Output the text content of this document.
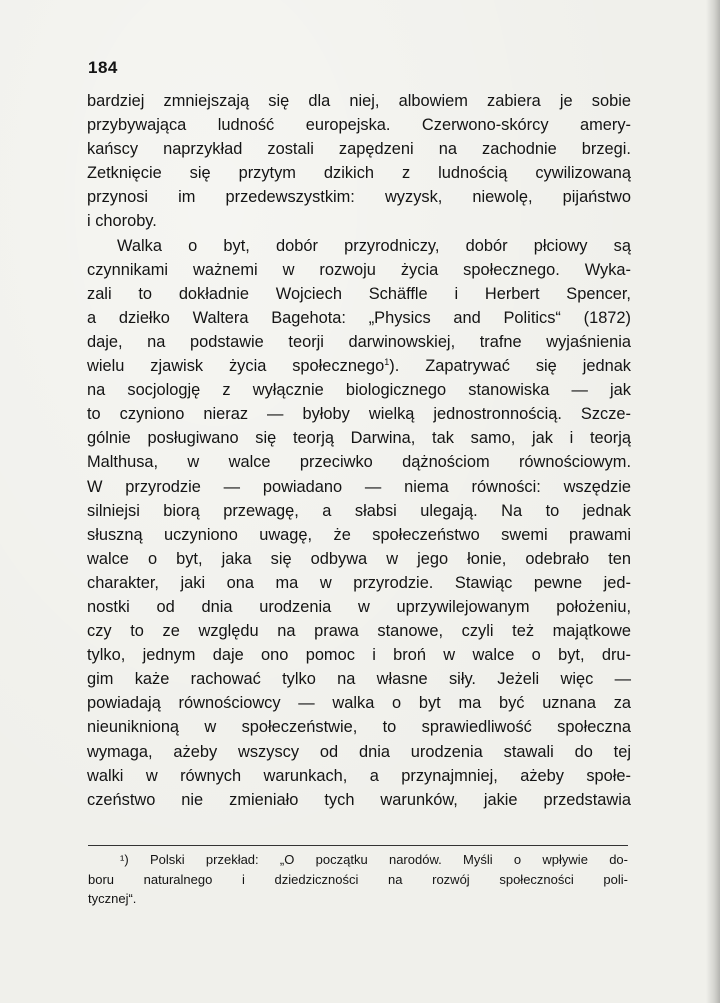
184
bardziej zmniejszają się dla niej, albowiem zabiera je sobie
przybywająca ludność europejska. Czerwono-skórcy amery-
kańscy naprzykład zostali zapędzeni na zachodnie brzegi.
Zetknięcie się przytym dzikich z ludnością cywilizowaną
przynosi im przedewszystkim: wyzysk, niewolę, pijaństwo
i choroby.
Walka o byt, dobór przyrodniczy, dobór płciowy są
czynnikami ważnemi w rozwoju życia społecznego. Wyka-
zali to dokładnie Wojciech Schäffle i Herbert Spencer,
a dziełko Waltera Bagehota: „Physics and Politics“ (1872)
daje, na podstawie teorji darwinowskiej, trafne wyjaśnienia
wielu zjawisk życia społecznego$^1$). Zapatrywać się jednak
na socjologję z wyłącznie biologicznego stanowiska — jak
to czyniono nieraz — byłoby wielką jednostronnością. Szcze-
gólnie posługiwano się teorją Darwina, tak samo, jak i teorją
Malthusa, w walce przeciwko dążnościom równościowym.
W przyrodzie — powiadano — niema równości: wszędzie
silniejsi biorą przewagę, a słabsi ulegają. Na to jednak
słuszną uczyniono uwagę, że społeczeństwo swemi prawami
walce o byt, jaka się odbywa w jego łonie, odebrało ten
charakter, jaki ona ma w przyrodzie. Stawiąc pewne jed-
nostki od dnia urodzenia w uprzywilejowanym położeniu,
czy to ze względu na prawa stanowe, czyli też majątkowe
tylko, jednym daje ono pomoc i broń w walce o byt, dru-
gim każe rachować tylko na własne siły. Jeżeli więc —
powiadają równościowcy — walka o byt ma być uznana za
nieuniknioną w społeczeństwie, to sprawiedliwość społeczna
wymaga, ażeby wszyscy od dnia urodzenia stawali do tej
walki w równych warunkach, a przynajmniej, ażeby społe-
czeństwo nie zmieniało tych warunków, jakie przedstawia
¹) Polski przekład: „O początku narodów. Myśli o wpływie do-
boru naturalnego i dziedziczności na rozwój społeczności poli-
tycznej“.
